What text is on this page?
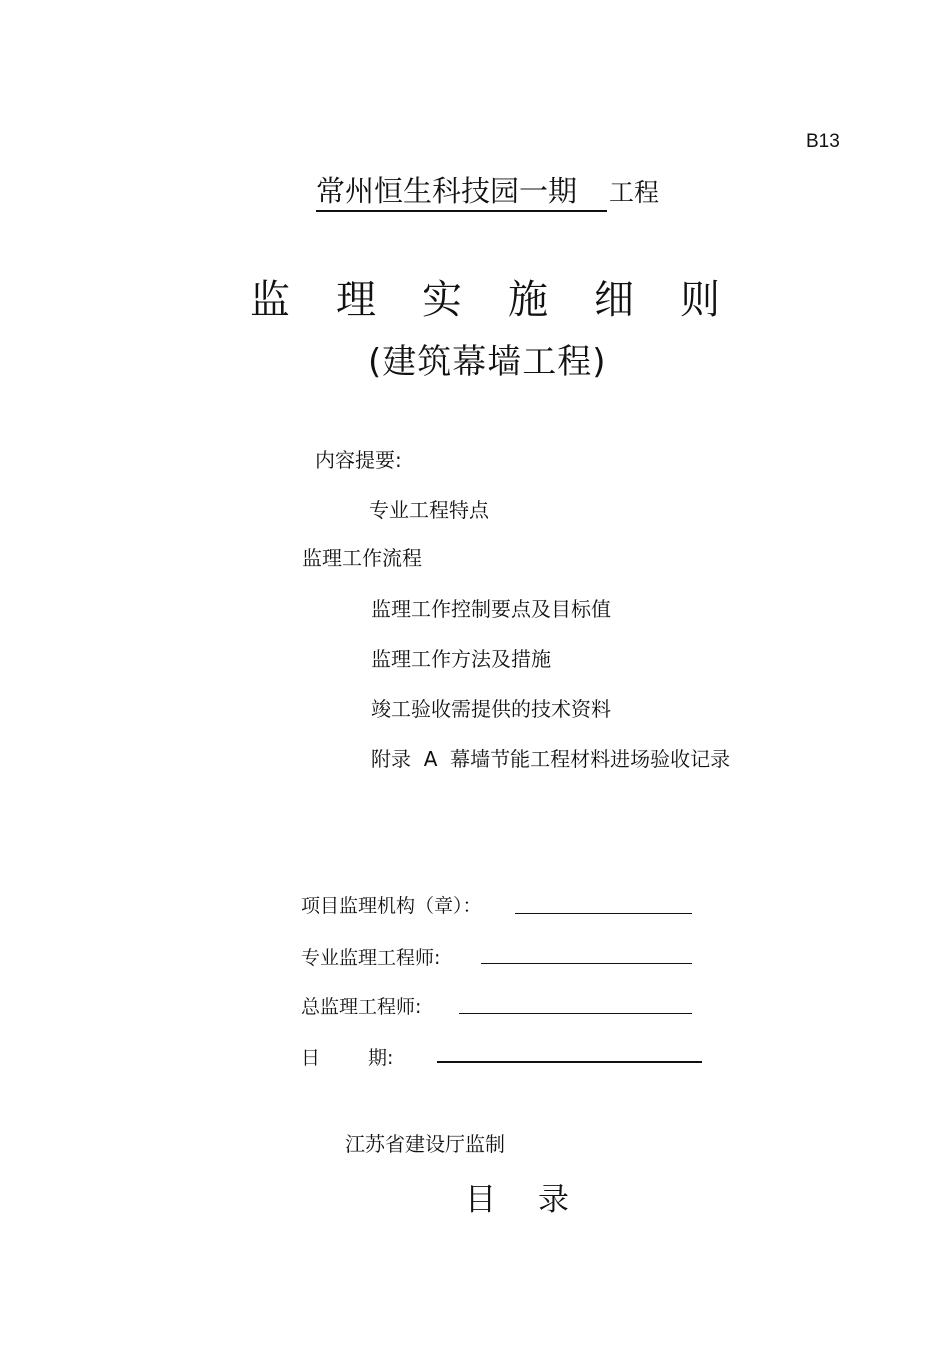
B13
常州恒生科技园一期 工程
监 理 实 施 细 则
(建筑幕墙工程)
内容提要:
专业工程特点
监理工作流程
监理工作控制要点及目标值
监理工作方法及措施
竣工验收需提供的技术资料
附录  A  幕墙节能工程材料进场验收记录
项目监理机构（章）：
专业监理工程师:
总监理工程师:
日	期:
江苏省建设厅监制
目 录
